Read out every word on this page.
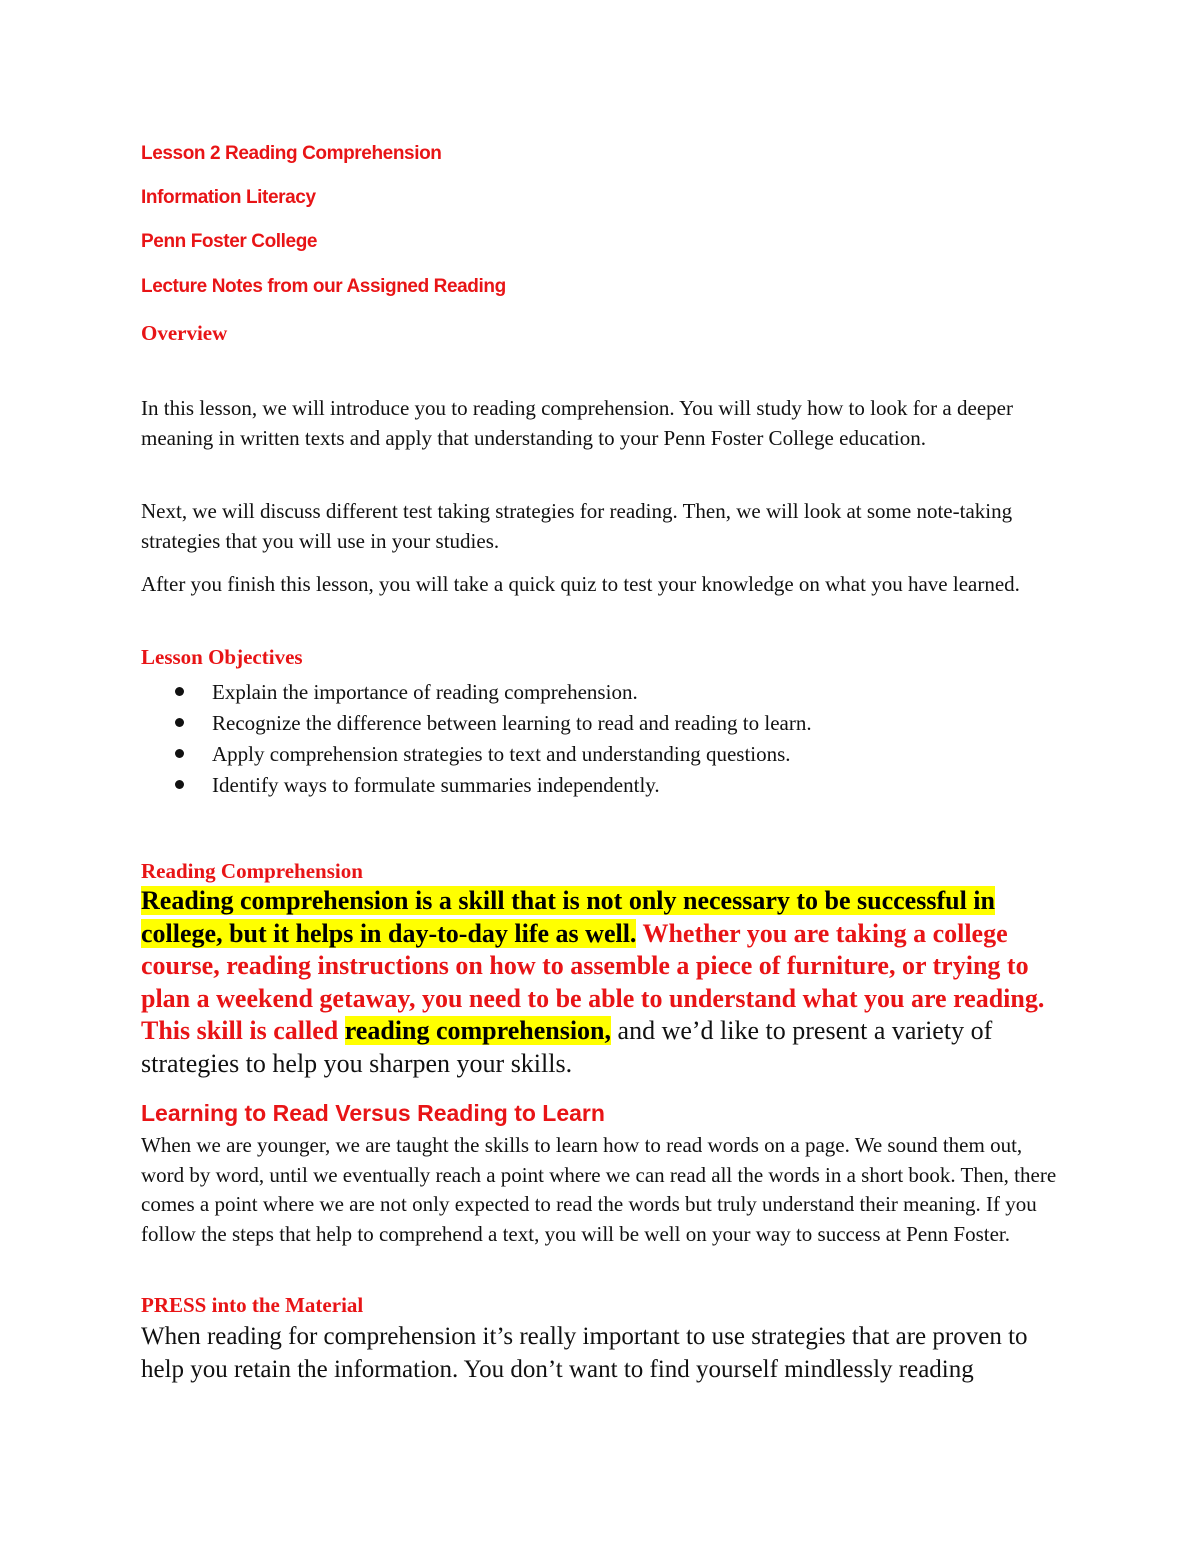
Lesson 2 Reading Comprehension
Information Literacy
Penn Foster College
Lecture Notes from our Assigned Reading
Overview

In this lesson, we will introduce you to reading comprehension. You will study how to look for a deeper meaning in written texts and apply that understanding to your Penn Foster College education.

Next, we will discuss different test taking strategies for reading. Then, we will look at some note-taking strategies that you will use in your studies.

After you finish this lesson, you will take a quick quiz to test your knowledge on what you have learned.

Lesson Objectives
Explain the importance of reading comprehension.
Recognize the difference between learning to read and reading to learn.
Apply comprehension strategies to text and understanding questions.
Identify ways to formulate summaries independently.
Reading Comprehension

Reading comprehension is a skill that is not only necessary to be successful in college, but it helps in day-to-day life as well. Whether you are taking a college course, reading instructions on how to assemble a piece of furniture, or trying to plan a weekend getaway, you need to be able to understand what you are reading. This skill is called reading comprehension, and we’d like to present a variety of strategies to help you sharpen your skills.

Learning to Read Versus Reading to Learn

When we are younger, we are taught the skills to learn how to read words on a page. We sound them out, word by word, until we eventually reach a point where we can read all the words in a short book. Then, there comes a point where we are not only expected to read the words but truly understand their meaning. If you follow the steps that help to comprehend a text, you will be well on your way to success at Penn Foster.

PRESS into the Material

When reading for comprehension it’s really important to use strategies that are proven to help you retain the information. You don’t want to find yourself mindlessly reading
